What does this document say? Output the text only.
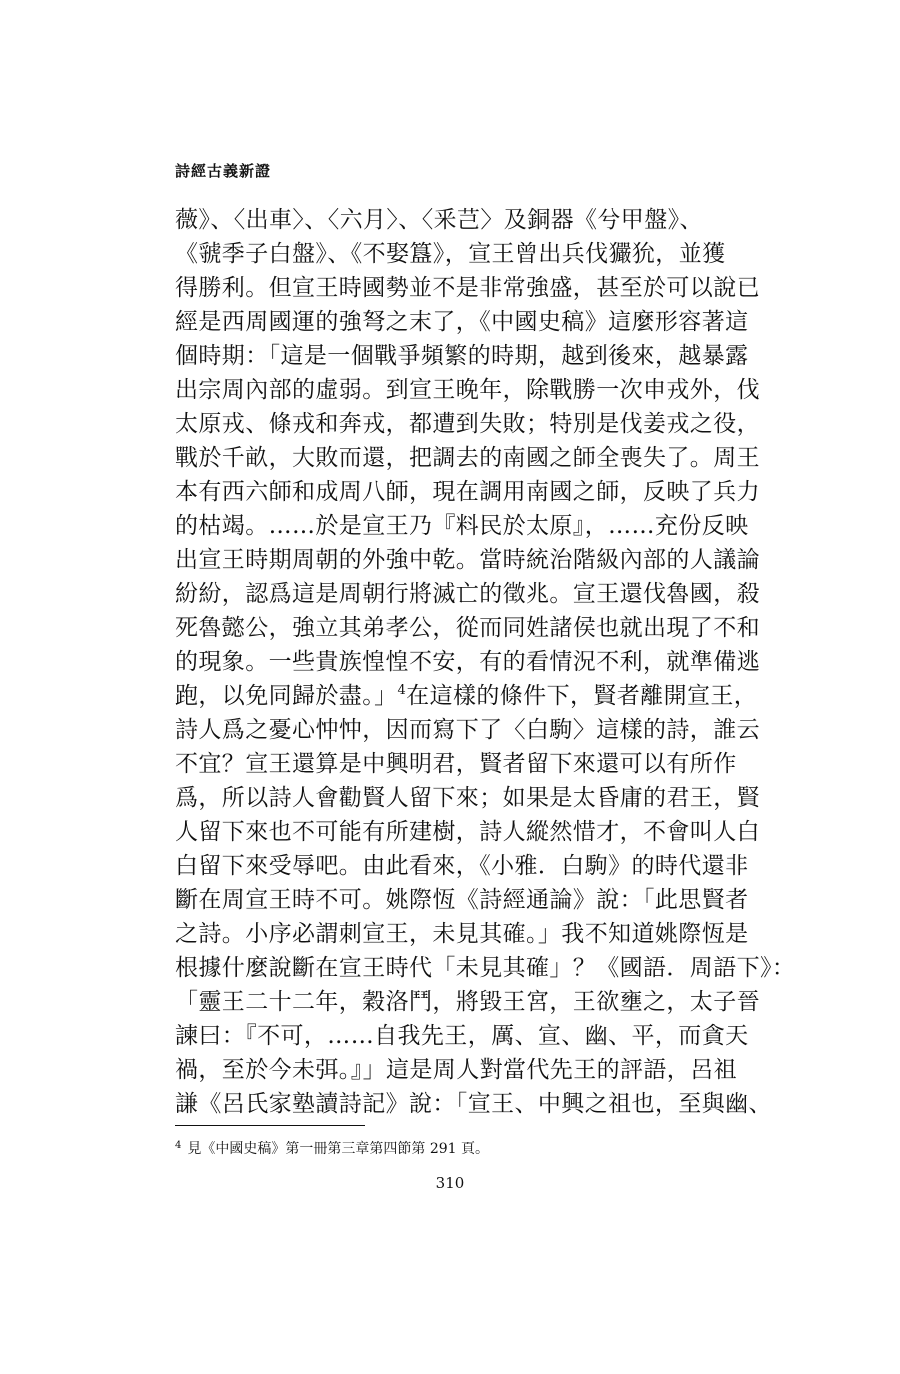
詩經古義新證
薇》、〈出車〉、〈六月〉、〈釆芑〉及銅器《兮甲盤》、
《虢季子白盤》、《不娶簋》，宣王曾出兵伐玁狁，並獲
得勝利。但宣王時國勢並不是非常強盛，甚至於可以說已
經是西周國運的強弩之末了，《中國史稿》這麼形容著這
個時期：「這是一個戰爭頻繁的時期，越到後來，越暴露
出宗周內部的虛弱。到宣王晚年，除戰勝一次申戎外，伐
太原戎、條戎和奔戎，都遭到失敗；特別是伐姜戎之役，
戰於千畝，大敗而還，把調去的南國之師全喪失了。周王
本有西六師和成周八師，現在調用南國之師，反映了兵力
的枯竭。……於是宣王乃『料民於太原』，……充份反映
出宣王時期周朝的外強中乾。當時統治階級內部的人議論
紛紛，認爲這是周朝行將滅亡的徵兆。宣王還伐魯國，殺
死魯懿公，強立其弟孝公，從而同姓諸侯也就出現了不和
的現象。一些貴族惶惶不安，有的看情況不利，就準備逃
跑，以免同歸於盡。」$^4$在這樣的條件下，賢者離開宣王，
詩人爲之憂心忡忡，因而寫下了〈白駒〉這樣的詩，誰云
不宜？宣王還算是中興明君，賢者留下來還可以有所作
爲，所以詩人會勸賢人留下來；如果是太昏庸的君王，賢
人留下來也不可能有所建樹，詩人縱然惜才，不會叫人白
白留下來受辱吧。由此看來，《小雅．白駒》的時代還非
斷在周宣王時不可。姚際恆《詩經通論》說：「此思賢者
之詩。小序必謂刺宣王，未見其確。」我不知道姚際恆是
根據什麼說斷在宣王時代「未見其確」？《國語．周語下》：
「靈王二十二年，穀洛鬥，將毀王宮，王欲壅之，太子晉
諫曰：『不可，……自我先王，厲、宣、幽、平，而貪天
禍，至於今未弭。』」這是周人對當代先王的評語，呂祖
謙《呂氏家塾讀詩記》說：「宣王、中興之祖也，至與幽、
$^4$ 見《中國史稿》第一冊第三章第四節第 291 頁。
310
